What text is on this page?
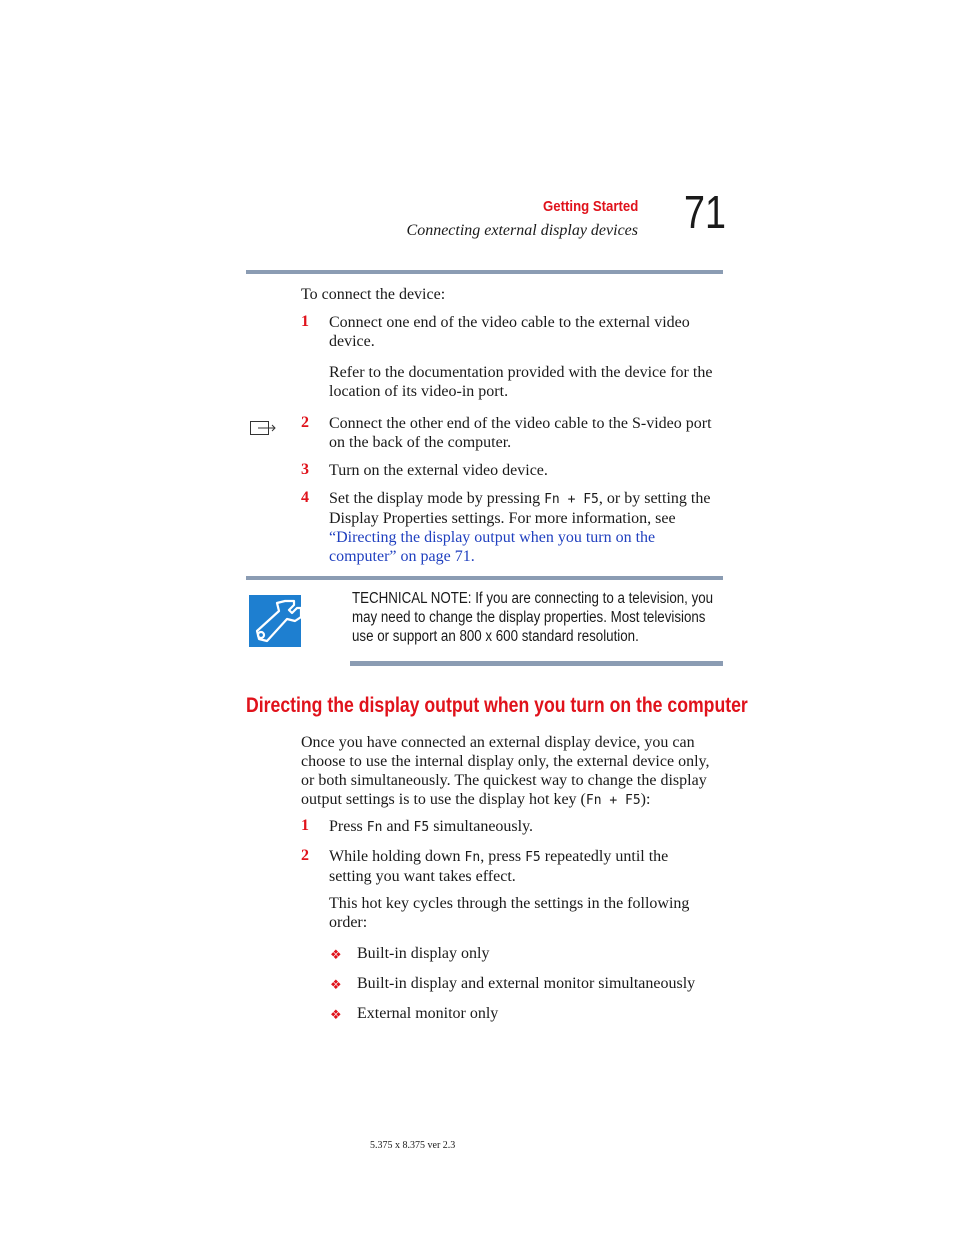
Getting Started
Connecting external display devices 71
To connect the device:
1 Connect one end of the video cable to the external video device.
Refer to the documentation provided with the device for the location of its video-in port.
2 Connect the other end of the video cable to the S-video port on the back of the computer.
3 Turn on the external video device.
4 Set the display mode by pressing Fn + F5, or by setting the Display Properties settings. For more information, see “Directing the display output when you turn on the computer” on page 71.
TECHNICAL NOTE: If you are connecting to a television, you may need to change the display properties. Most televisions use or support an 800 x 600 standard resolution.
Directing the display output when you turn on the computer
Once you have connected an external display device, you can choose to use the internal display only, the external device only, or both simultaneously. The quickest way to change the display output settings is to use the display hot key (Fn + F5):
1 Press Fn and F5 simultaneously.
2 While holding down Fn, press F5 repeatedly until the setting you want takes effect.
This hot key cycles through the settings in the following order:
❖ Built-in display only
❖ Built-in display and external monitor simultaneously
❖ External monitor only
5.375 x 8.375 ver 2.3
